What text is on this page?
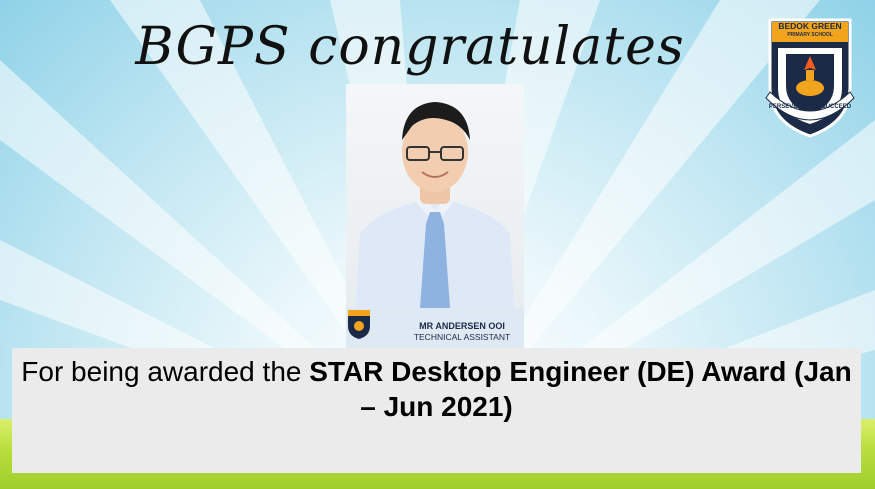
BGPS congratulates
MR ANDERSEN OOI
TECHNICAL ASSISTANT
BEDOK GREEN
PRIMARY SCHOOL
PERSEVERE AND SUCCEED
For being awarded the STAR Desktop Engineer (DE) Award (Jan – Jun 2021)
